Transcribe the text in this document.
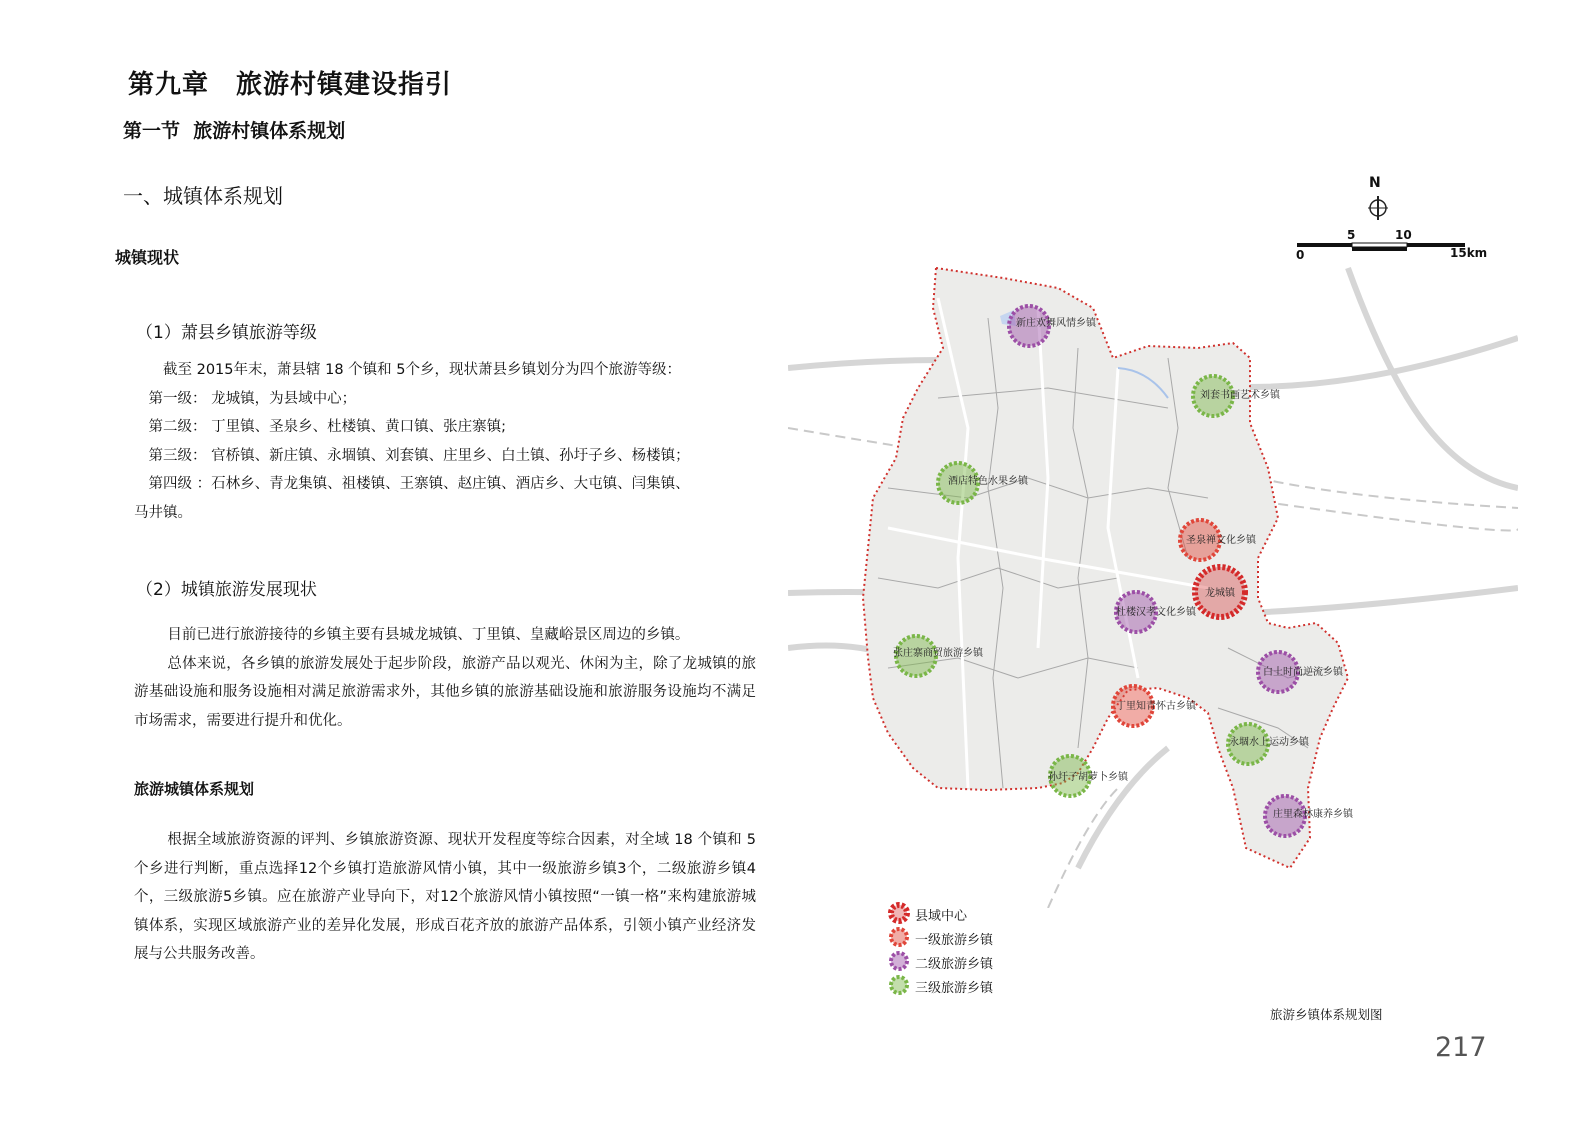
第九章　旅游村镇建设指引
第一节  旅游村镇体系规划
一、城镇体系规划
城镇现状
（1）萧县乡镇旅游等级
　　截至 2015年末，萧县辖 18 个镇和 5个乡，现状萧县乡镇划分为四个旅游等级：
　第一级： 龙城镇，为县域中心；
　第二级： 丁里镇、圣泉乡、杜楼镇、黄口镇、张庄寨镇;
　第三级： 官桥镇、新庄镇、永堌镇、刘套镇、庄里乡、白土镇、孙圩子乡、杨楼镇；
　第四级 ：石林乡、青龙集镇、祖楼镇、王寨镇、赵庄镇、酒店乡、大屯镇、闫集镇、
马井镇。
（2）城镇旅游发展现状

目前已进行旅游接待的乡镇主要有县城龙城镇、丁里镇、皇藏峪景区周边的乡镇。

总体来说，各乡镇的旅游发展处于起步阶段，旅游产品以观光、休闲为主，除了龙城镇的旅游基础设施和服务设施相对满足旅游需求外，其他乡镇的旅游基础设施和旅游服务设施均不满足市场需求，需要进行提升和优化。

旅游城镇体系规划

根据全域旅游资源的评判、乡镇旅游资源、现状开发程度等综合因素，对全域 18 个镇和 5个乡进行判断，重点选择12个乡镇打造旅游风情小镇，其中一级旅游乡镇3个，二级旅游乡镇4个，三级旅游5乡镇。应在旅游产业导向下，对12个旅游风情小镇按照“一镇一格”来构建旅游城镇体系，实现区域旅游产业的差异化发展，形成百花齐放的旅游产品体系，引领小镇产业经济发展与公共服务改善。

N
0
5	10
15km
新庄欢舞风情乡镇
刘套书画艺术乡镇
酒店特色水果乡镇
圣泉禅文化乡镇
龙城镇
杜楼汉孝文化乡镇
张庄寨商贸旅游乡镇
白土时尚逆流乡镇
丁里知青怀古乡镇
永堌水上运动乡镇
孙圩子胡萝卜乡镇
庄里森林康养乡镇
县域中心
一级旅游乡镇
二级旅游乡镇
三级旅游乡镇
旅游乡镇体系规划图
217
